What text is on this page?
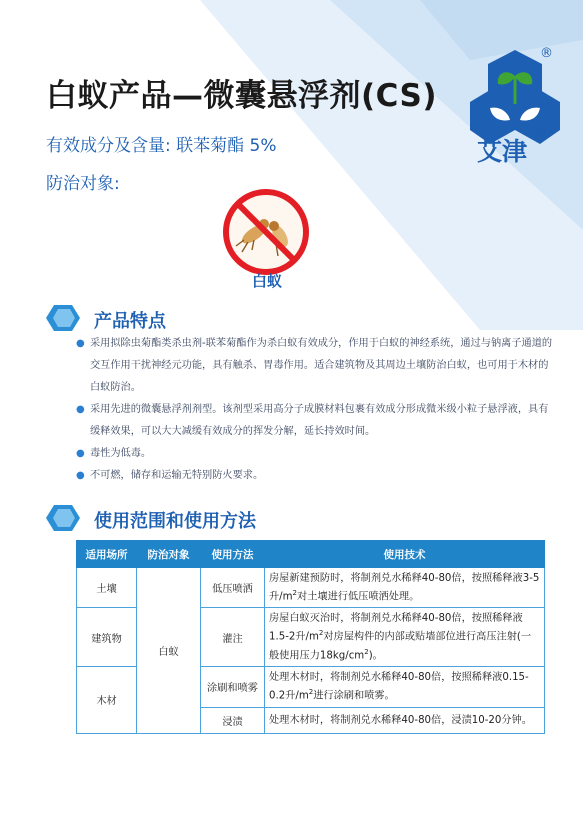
白蚁产品—微囊悬浮剂(CS)
有效成分及含量: 联苯菊酯 5%
防治对象:
艾津
®
®
白蚁
产品特点
● 采用拟除虫菊酯类杀虫剂-联苯菊酯作为杀白蚁有效成分，作用于白蚁的神经系统，通过与钠离子通道的交互作用干扰神经元功能，具有触杀、胃毒作用。适合建筑物及其周边土壤防治白蚁，也可用于木材的白蚁防治。
● 采用先进的微囊悬浮剂剂型。该剂型采用高分子成膜材料包裹有效成分形成微米级小粒子悬浮液，具有缓释效果，可以大大减缓有效成分的挥发分解，延长持效时间。
● 毒性为低毒。
● 不可燃，储存和运输无特别防火要求。
使用范围和使用方法
适用场所	防治对象	使用方法	使用技术
土壤	白蚁	低压喷洒	房屋新建预防时，将制剂兑水稀释40-80倍，按照稀释液3-5升$/m^2$对土壤进行低压喷洒处理。
建筑物		灌注	房屋白蚁灭治时，将制剂兑水稀释40-80倍，按照稀释液1.5-2升$/m^2$对房屋构件的内部或贴墙部位进行高压注射(一般使用压力$18kg/cm^2$)。
木材		涂刷和喷雾	处理木材时，将制剂兑水稀释40-80倍，按照稀释液0.15-0.2升$/m^2$进行涂刷和喷雾。
		浸渍	处理木材时，将制剂兑水稀释40-80倍，浸渍10-20分钟。
